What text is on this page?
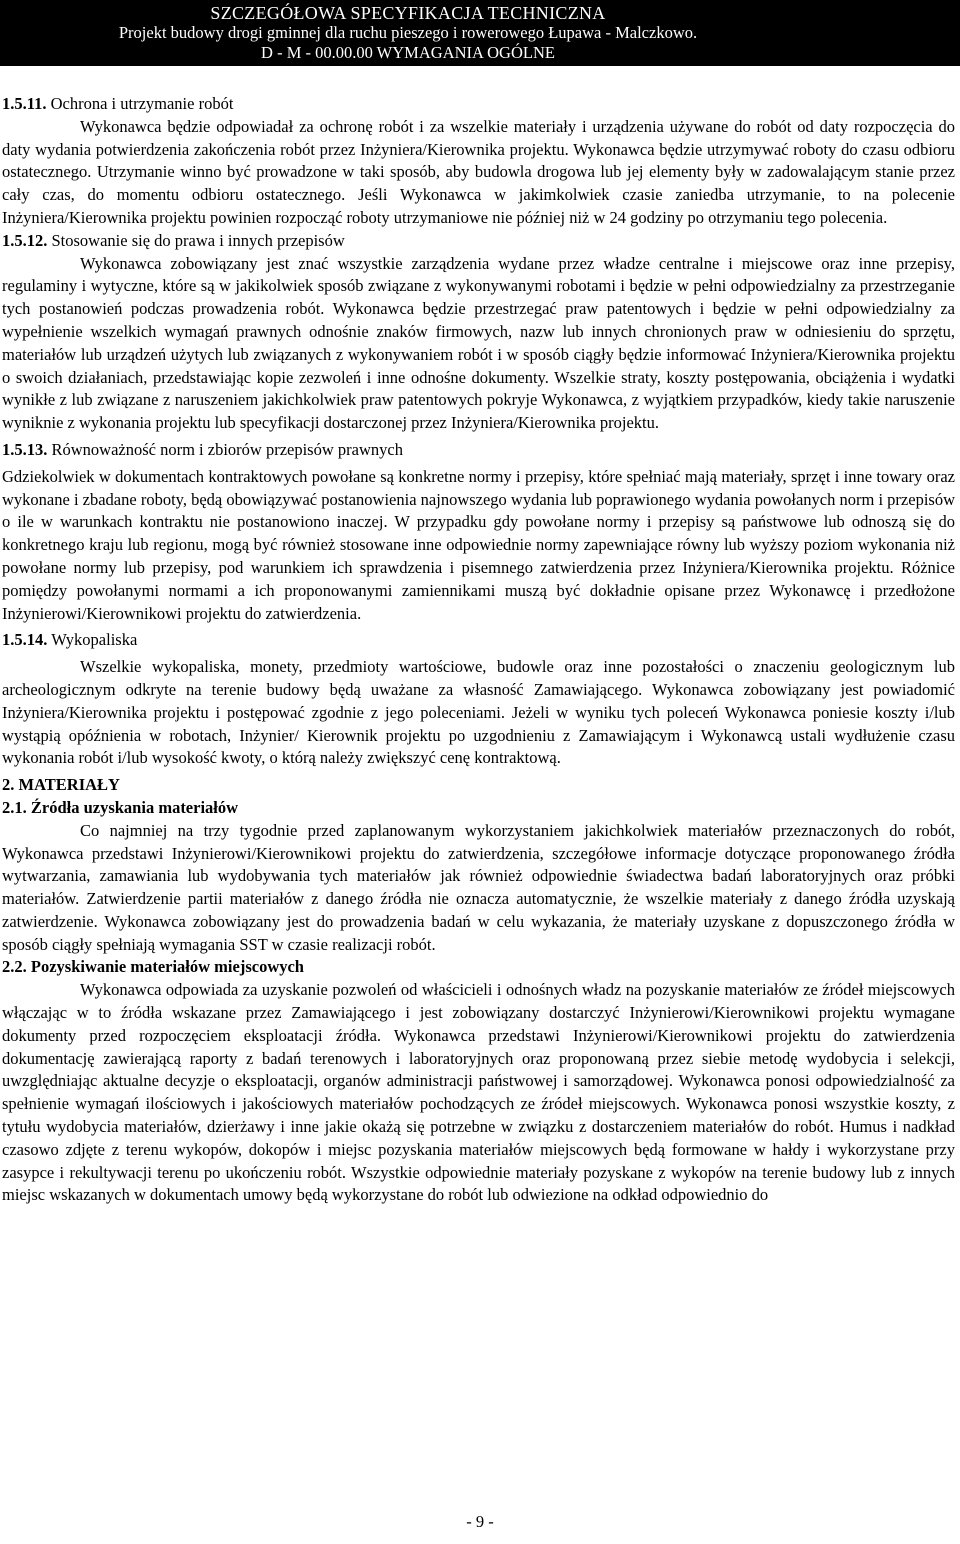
SZCZEGÓŁOWA SPECYFIKACJA TECHNICZNA
Projekt budowy drogi gminnej dla ruchu pieszego i rowerowego Łupawa - Malczkowo.
D - M - 00.00.00 WYMAGANIA OGÓLNE

1.5.11. Ochrona i utrzymanie robót

Wykonawca będzie odpowiadał za ochronę robót i za wszelkie materiały i urządzenia używane do robót od daty rozpoczęcia do daty wydania potwierdzenia zakończenia robót przez Inżyniera/Kierownika projektu. Wykonawca będzie utrzymywać roboty do czasu odbioru ostatecznego. Utrzymanie winno być prowadzone w taki sposób, aby budowla drogowa lub jej elementy były w zadowalającym stanie przez cały czas, do momentu odbioru ostatecznego. Jeśli Wykonawca w jakimkolwiek czasie zaniedba utrzymanie, to na polecenie Inżyniera/Kierownika projektu powinien rozpocząć roboty utrzymaniowe nie później niż w 24 godziny po otrzymaniu tego polecenia.

1.5.12. Stosowanie się do prawa i innych przepisów

Wykonawca zobowiązany jest znać wszystkie zarządzenia wydane przez władze centralne i miejscowe oraz inne przepisy, regulaminy i wytyczne, które są w jakikolwiek sposób związane z wykonywanymi robotami i będzie w pełni odpowiedzialny za przestrzeganie tych postanowień podczas prowadzenia robót. Wykonawca będzie przestrzegać praw patentowych i będzie w pełni odpowiedzialny za wypełnienie wszelkich wymagań prawnych odnośnie znaków firmowych, nazw lub innych chronionych praw w odniesieniu do sprzętu, materiałów lub urządzeń użytych lub związanych z wykonywaniem robót i w sposób ciągły będzie informować Inżyniera/Kierownika projektu o swoich działaniach, przedstawiając kopie zezwoleń i inne odnośne dokumenty. Wszelkie straty, koszty postępowania, obciążenia i wydatki wynikłe z lub związane z naruszeniem jakichkolwiek praw patentowych pokryje Wykonawca, z wyjątkiem przypadków, kiedy takie naruszenie wyniknie z wykonania projektu lub specyfikacji dostarczonej przez Inżyniera/Kierownika projektu.

1.5.13. Równoważność norm i zbiorów przepisów prawnych

Gdziekolwiek w dokumentach kontraktowych powołane są konkretne normy i przepisy, które spełniać mają materiały, sprzęt i inne towary oraz wykonane i zbadane roboty, będą obowiązywać postanowienia najnowszego wydania lub poprawionego wydania powołanych norm i przepisów o ile w warunkach kontraktu nie postanowiono inaczej. W przypadku gdy powołane normy i przepisy są państwowe lub odnoszą się do konkretnego kraju lub regionu, mogą być również stosowane inne odpowiednie normy zapewniające równy lub wyższy poziom wykonania niż powołane normy lub przepisy, pod warunkiem ich sprawdzenia i pisemnego zatwierdzenia przez Inżyniera/Kierownika projektu. Różnice pomiędzy powołanymi normami a ich proponowanymi zamiennikami muszą być dokładnie opisane przez Wykonawcę i przedłożone Inżynierowi/Kierownikowi projektu do zatwierdzenia.

1.5.14. Wykopaliska

Wszelkie wykopaliska, monety, przedmioty wartościowe, budowle oraz inne pozostałości o znaczeniu geologicznym lub archeologicznym odkryte na terenie budowy będą uważane za własność Zamawiającego. Wykonawca zobowiązany jest powiadomić Inżyniera/Kierownika projektu i postępować zgodnie z jego poleceniami. Jeżeli w wyniku tych poleceń Wykonawca poniesie koszty i/lub wystąpią opóźnienia w robotach, Inżynier/ Kierownik projektu po uzgodnieniu z Zamawiającym i Wykonawcą ustali wydłużenie czasu wykonania robót i/lub wysokość kwoty, o którą należy zwiększyć cenę kontraktową.

2. MATERIAŁY

2.1. Źródła uzyskania materiałów

Co najmniej na trzy tygodnie przed zaplanowanym wykorzystaniem jakichkolwiek materiałów przeznaczonych do robót, Wykonawca przedstawi Inżynierowi/Kierownikowi projektu do zatwierdzenia, szczegółowe informacje dotyczące proponowanego źródła wytwarzania, zamawiania lub wydobywania tych materiałów jak również odpowiednie świadectwa badań laboratoryjnych oraz próbki materiałów. Zatwierdzenie partii materiałów z danego źródła nie oznacza automatycznie, że wszelkie materiały z danego źródła uzyskają zatwierdzenie. Wykonawca zobowiązany jest do prowadzenia badań w celu wykazania, że materiały uzyskane z dopuszczonego źródła w sposób ciągły spełniają wymagania SST w czasie realizacji robót.

2.2. Pozyskiwanie materiałów miejscowych

Wykonawca odpowiada za uzyskanie pozwoleń od właścicieli i odnośnych władz na pozyskanie materiałów ze źródeł miejscowych włączając w to źródła wskazane przez Zamawiającego i jest zobowiązany dostarczyć Inżynierowi/Kierownikowi projektu wymagane dokumenty przed rozpoczęciem eksploatacji źródła. Wykonawca przedstawi Inżynierowi/Kierownikowi projektu do zatwierdzenia dokumentację zawierającą raporty z badań terenowych i laboratoryjnych oraz proponowaną przez siebie metodę wydobycia i selekcji, uwzględniając aktualne decyzje o eksploatacji, organów administracji państwowej i samorządowej. Wykonawca ponosi odpowiedzialność za spełnienie wymagań ilościowych i jakościowych materiałów pochodzących ze źródeł miejscowych. Wykonawca ponosi wszystkie koszty, z tytułu wydobycia materiałów, dzierżawy i inne jakie okażą się potrzebne w związku z dostarczeniem materiałów do robót. Humus i nadkład czasowo zdjęte z terenu wykopów, dokopów i miejsc pozyskania materiałów miejscowych będą formowane w hałdy i wykorzystane przy zasypce i rekultywacji terenu po ukończeniu robót. Wszystkie odpowiednie materiały pozyskane z wykopów na terenie budowy lub z innych miejsc wskazanych w dokumentach umowy będą wykorzystane do robót lub odwiezione na odkład odpowiednio do

- 9 -
